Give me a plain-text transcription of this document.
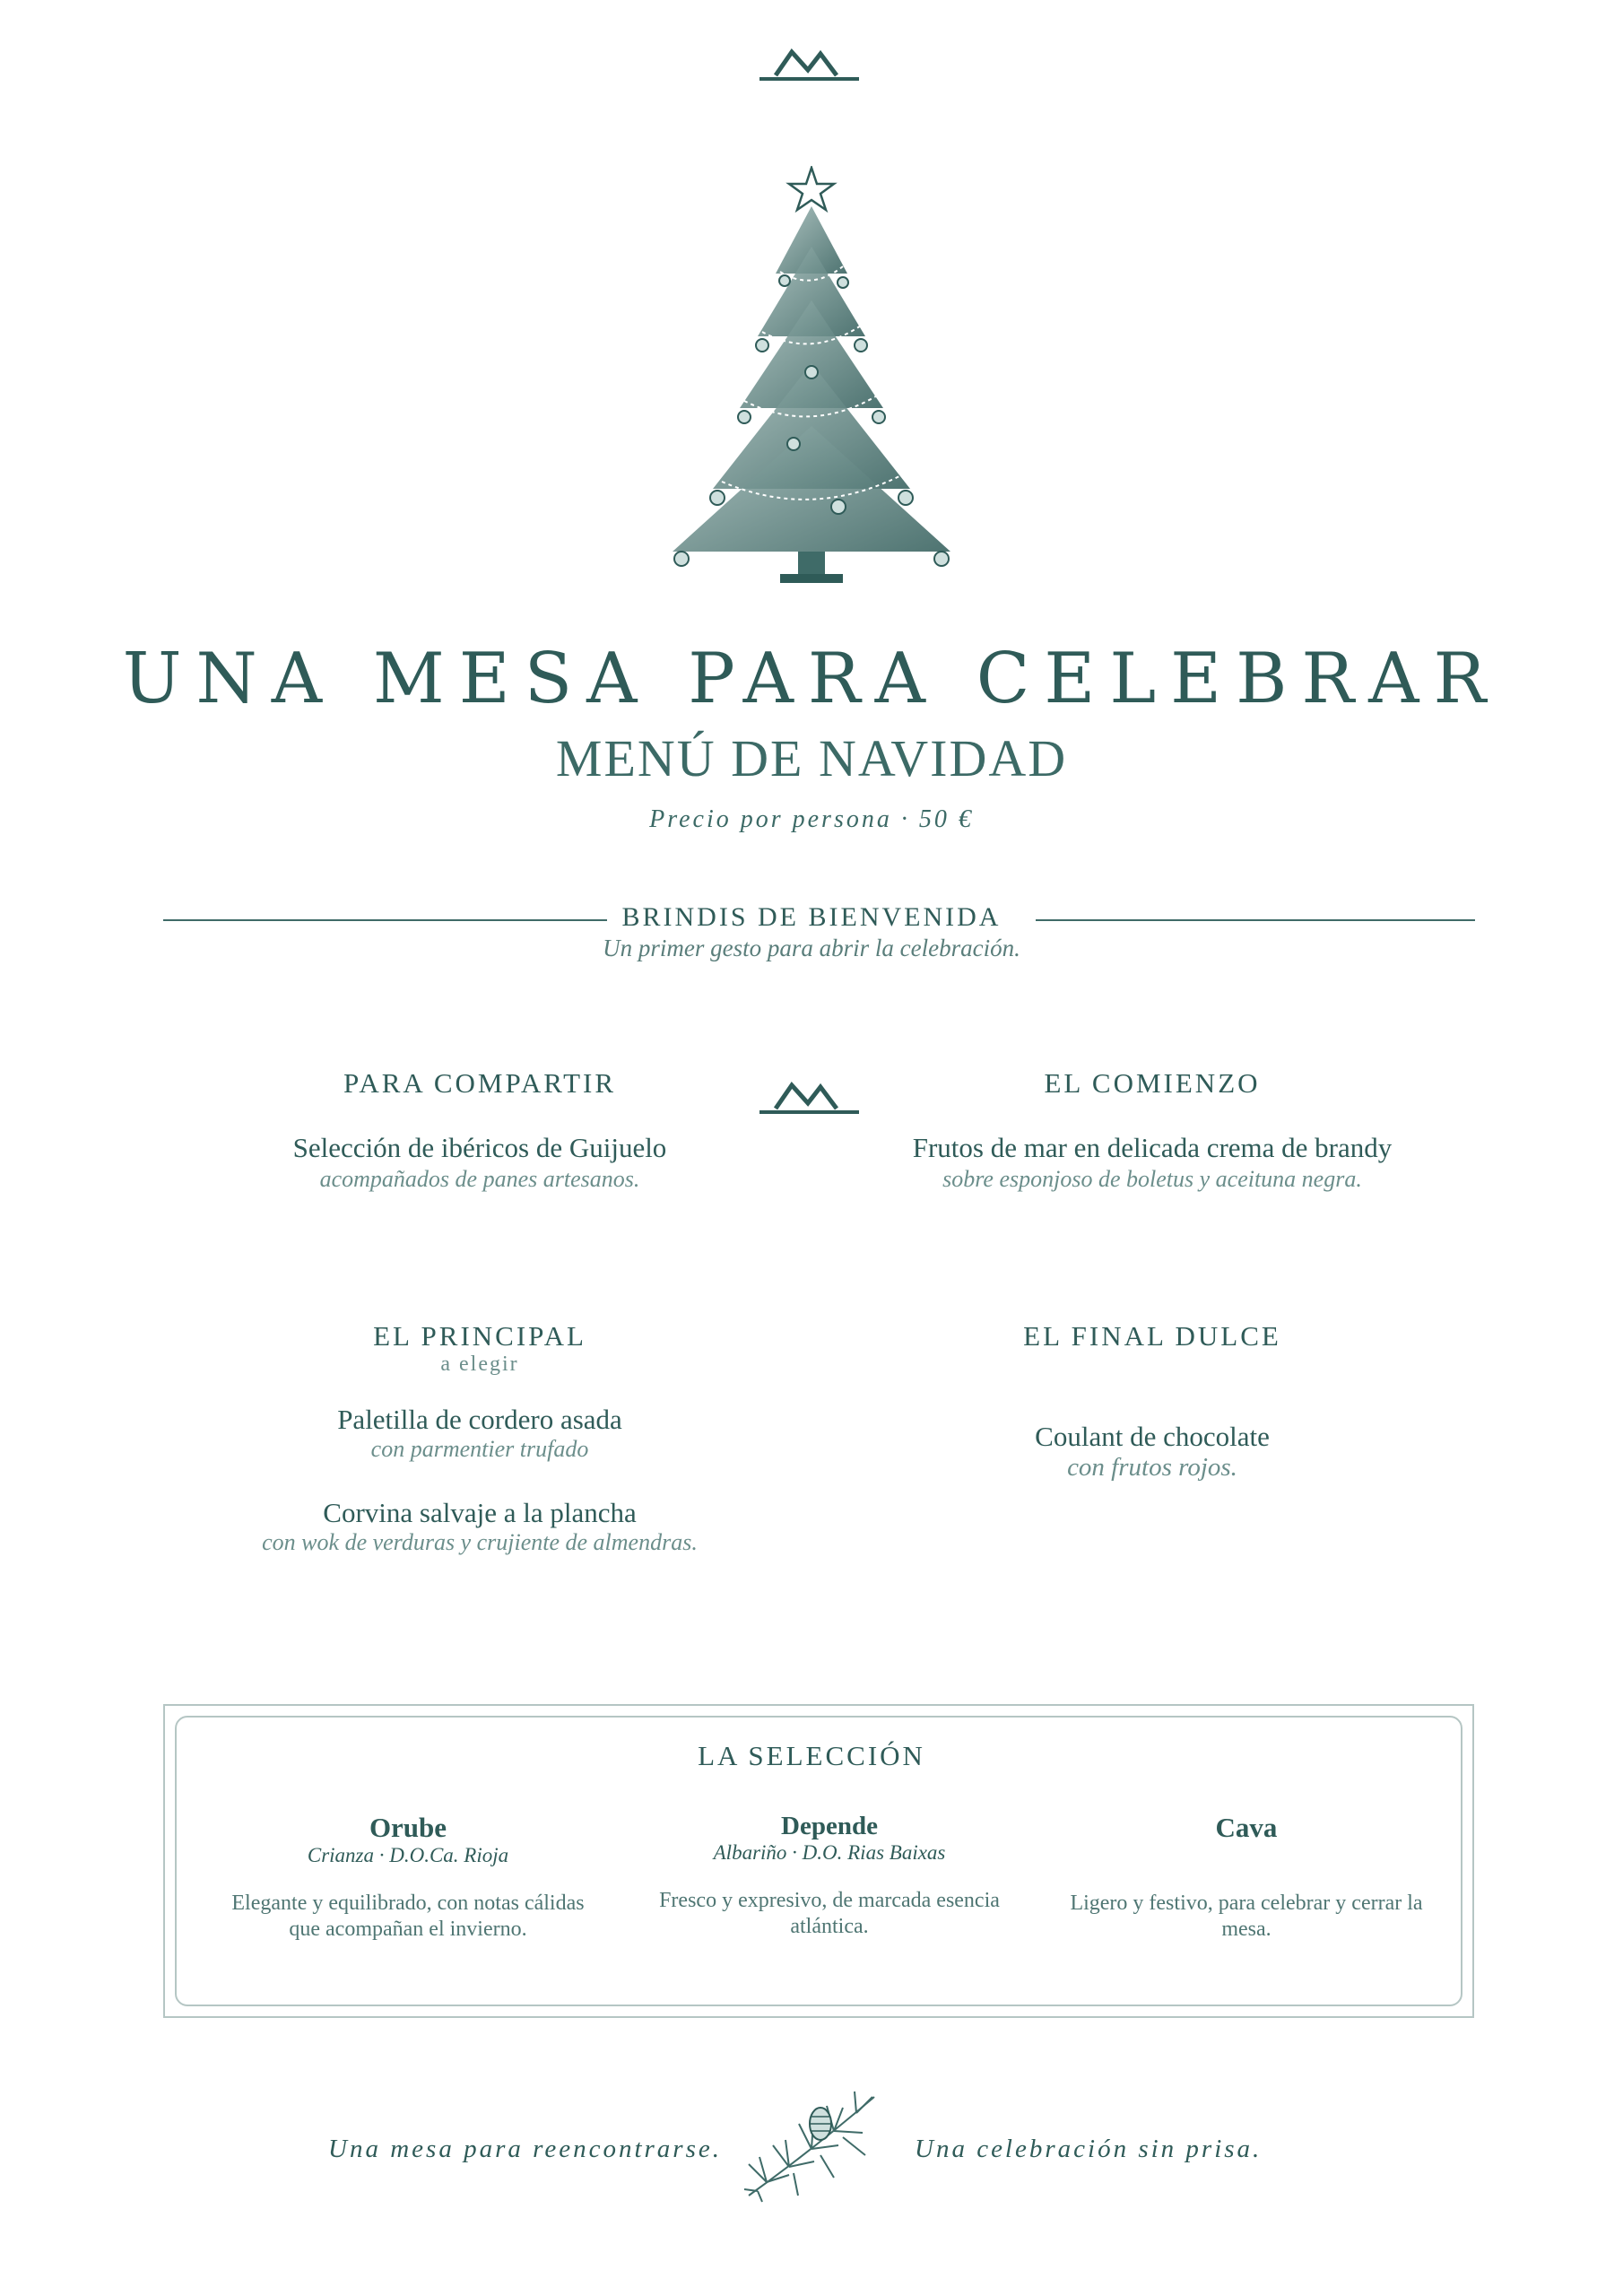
UNA MESA PARA CELEBRAR
MENÚ DE NAVIDAD
Precio por persona · 50 €
BRINDIS DE BIENVENIDA
Un primer gesto para abrir la celebración.
PARA COMPARTIR
Selección de ibéricos de Guijuelo
acompañados de panes artesanos.
EL COMIENZO
Frutos de mar en delicada crema de brandy
sobre esponjoso de boletus y aceituna negra.
EL PRINCIPAL
a elegir
Paletilla de cordero asada
con parmentier trufado
Corvina salvaje a la plancha
con wok de verduras y crujiente de almendras.
EL FINAL DULCE
Coulant de chocolate
con frutos rojos.
LA SELECCIÓN
Orube
Crianza · D.O.Ca. Rioja
Elegante y equilibrado, con notas cálidas que acompañan el invierno.
Depende
Albariño · D.O. Rias Baixas
Fresco y expresivo, de marcada esencia atlántica.
Cava
Ligero y festivo, para celebrar y cerrar la mesa.
Una mesa para reencontrarse.	Una celebración sin prisa.
